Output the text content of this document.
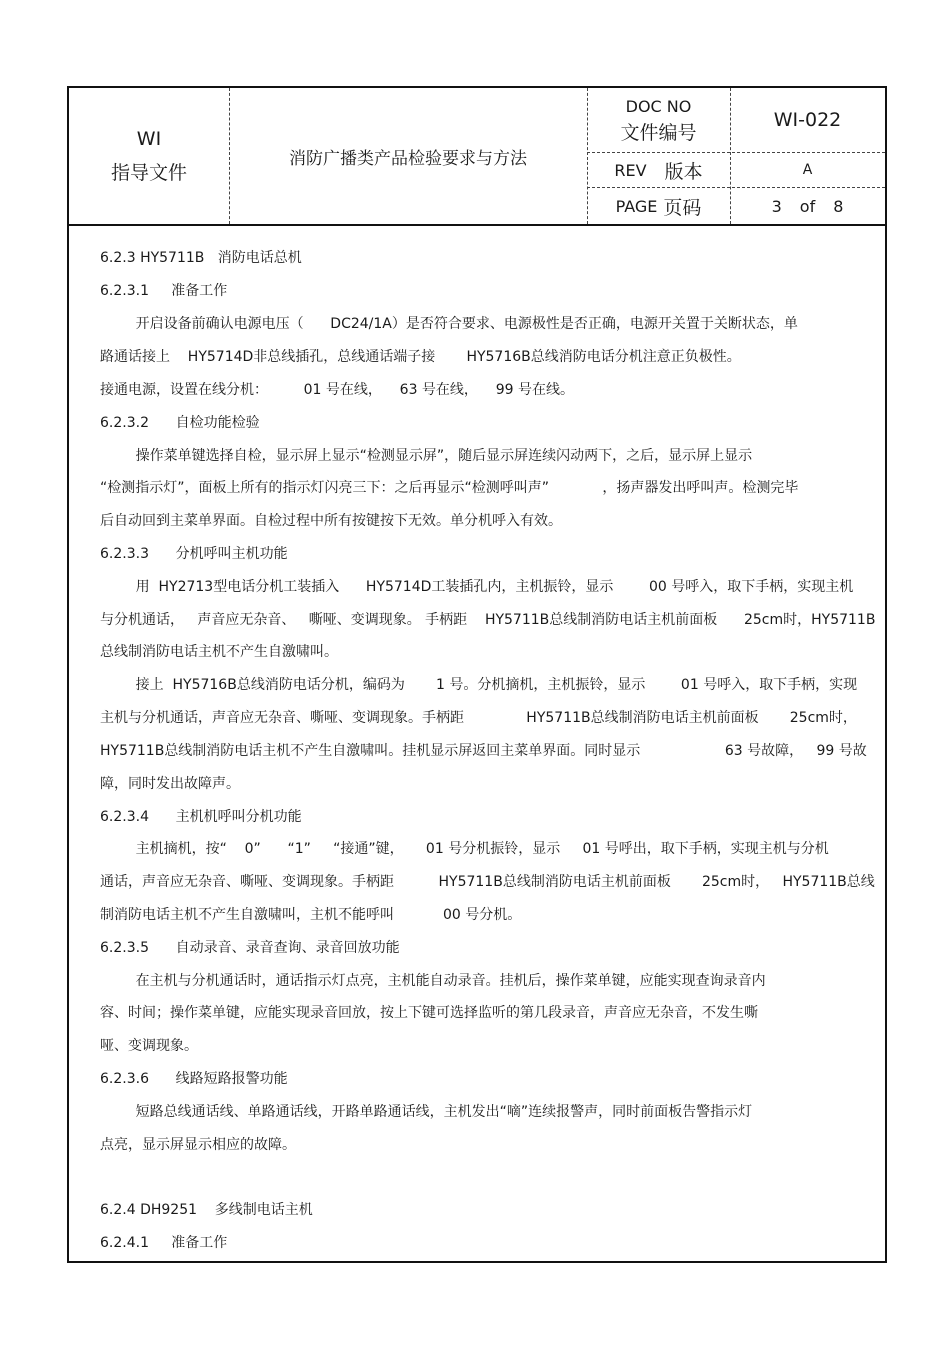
WI
指导文件
消防广播类产品检验要求与方法
DOC NO
文件编号
WI-022
REV 版本	A
PAGE 页码	3 of 8
6.2.3 HY5711B   消防电话总机
6.2.3.1     准备工作
开启设备前确认电源电压（      DC24/1A）是否符合要求、电源极性是否正确，电源开关置于关断状态，单
路通话接上    HY5714D非总线插孔，总线通话端子接       HY5716B总线消防电话分机注意正负极性。
接通电源，设置在线分机：        01 号在线，    63 号在线，    99 号在线。
6.2.3.2      自检功能检验
操作菜单键选择自检，显示屏上显示“检测显示屏”，随后显示屏连续闪动两下，之后，显示屏上显示
“检测指示灯”，面板上所有的指示灯闪亮三下：之后再显示“检测呼叫声”            ，扬声器发出呼叫声。检测完毕
后自动回到主菜单界面。自检过程中所有按键按下无效。单分机呼入有效。
6.2.3.3      分机呼叫主机功能
用  HY2713型电话分机工装插入      HY5714D工装插孔内，主机振铃，显示        00 号呼入，取下手柄，实现主机
与分机通话，   声音应无杂音、   嘶哑、变调现象。 手柄距    HY5711B总线制消防电话主机前面板      25cm时，HY5711B
总线制消防电话主机不产生自激啸叫。
接上  HY5716B总线消防电话分机，编码为       1 号。分机摘机，主机振铃，显示        01 号呼入，取下手柄，实现
主机与分机通话，声音应无杂音、嘶哑、变调现象。手柄距              HY5711B总线制消防电话主机前面板       25cm时，
HY5711B总线制消防电话主机不产生自激啸叫。挂机显示屏返回主菜单界面。同时显示                   63 号故障，   99 号故
障，同时发出故障声。
6.2.3.4      主机机呼叫分机功能
主机摘机，按“    0”      “1”     “接通”键，     01 号分机振铃，显示     01 号呼出，取下手柄，实现主机与分机
通话，声音应无杂音、嘶哑、变调现象。手柄距          HY5711B总线制消防电话主机前面板       25cm时，   HY5711B总线
制消防电话主机不产生自激啸叫，主机不能呼叫           00 号分机。
6.2.3.5      自动录音、录音查询、录音回放功能
在主机与分机通话时，通话指示灯点亮，主机能自动录音。挂机后，操作菜单键，应能实现查询录音内
容、时间；操作菜单键，应能实现录音回放，按上下键可选择监听的第几段录音，声音应无杂音，不发生嘶
哑、变调现象。
6.2.3.6      线路短路报警功能
短路总线通话线、单路通话线，开路单路通话线，主机发出“嘀”连续报警声，同时前面板告警指示灯
点亮，显示屏显示相应的故障。
6.2.4 DH9251    多线制电话主机
6.2.4.1     准备工作
